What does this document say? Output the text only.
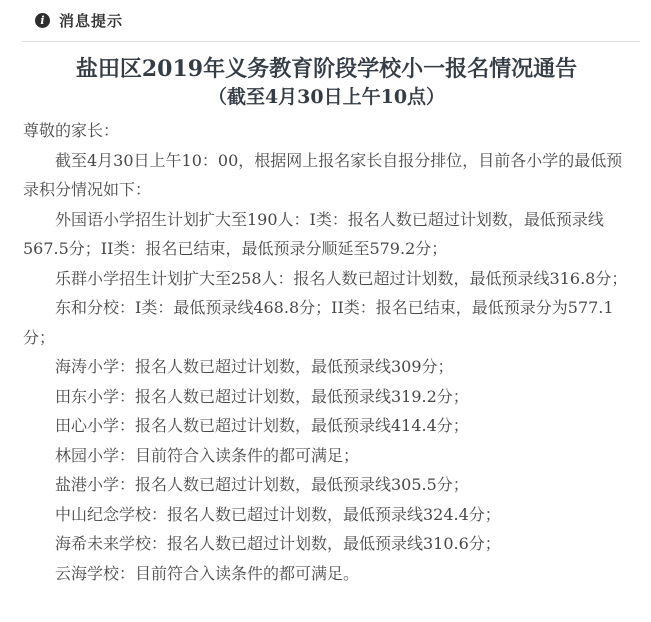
i 消息提示
盐田区2019年义务教育阶段学校小一报名情况通告
（截至4月30日上午10点）

尊敬的家长：

截至4月30日上午10：00，根据网上报名家长自报分排位，目前各小学的最低预录积分情况如下：

外国语小学招生计划扩大至190人：I类：报名人数已超过计划数，最低预录线567.5分；II类：报名已结束，最低预录分顺延至579.2分；

乐群小学招生计划扩大至258人：报名人数已超过计划数，最低预录线316.8分；

东和分校：I类：最低预录线468.8分；II类：报名已结束，最低预录分为577.1分；

海涛小学：报名人数已超过计划数，最低预录线309分；

田东小学：报名人数已超过计划数，最低预录线319.2分；

田心小学：报名人数已超过计划数，最低预录线414.4分；

林园小学：目前符合入读条件的都可满足；

盐港小学：报名人数已超过计划数，最低预录线305.5分；

中山纪念学校：报名人数已超过计划数，最低预录线324.4分；

海希未来学校：报名人数已超过计划数，最低预录线310.6分；

云海学校：目前符合入读条件的都可满足。
